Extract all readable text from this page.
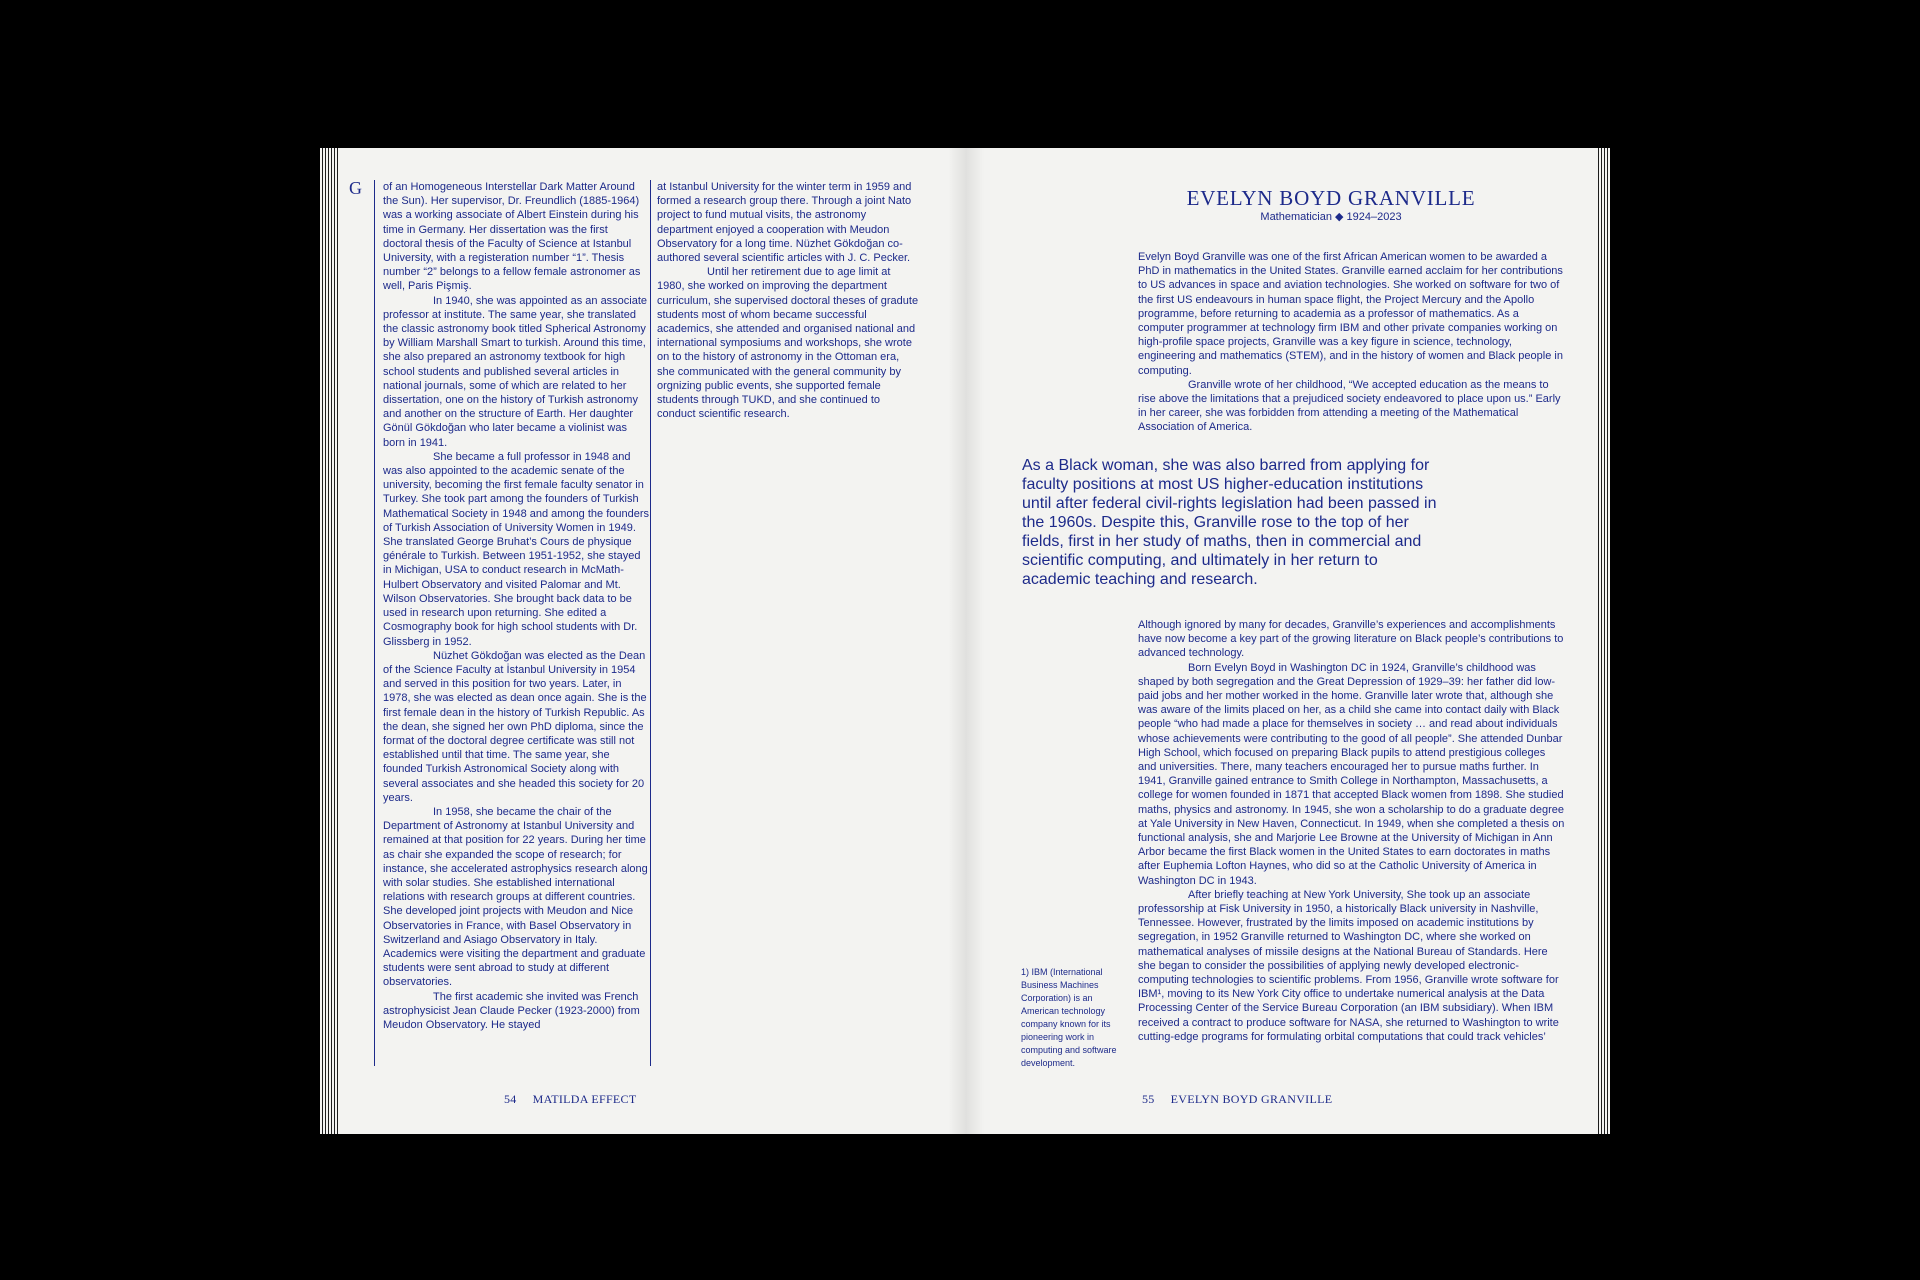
G of an Homogeneous Interstellar Dark Matter Around the Sun). Her supervisor, Dr. Freundlich (1885-1964) was a working associate of Albert Einstein during his time in Germany. Her dissertation was the first doctoral thesis of the Faculty of Science at Istanbul University, with a registeration number “1”. Thesis number “2” belongs to a fellow female astronomer as well, Paris Pişmiş.

In 1940, she was appointed as an associate professor at institute. The same year, she translated the classic astronomy book titled Spherical Astronomy by William Marshall Smart to turkish. Around this time, she also prepared an astronomy textbook for high school students and published several articles in national journals, some of which are related to her dissertation, one on the history of Turkish astronomy and another on the structure of Earth. Her daughter Gönül Gökdoğan who later became a violinist was born in 1941.

She became a full professor in 1948 and was also appointed to the academic senate of the university, becoming the first female faculty senator in Turkey. She took part among the founders of Turkish Mathematical Society in 1948 and among the founders of Turkish Association of University Women in 1949. She translated George Bruhat’s Cours de physique générale to Turkish. Between 1951-1952, she stayed in Michigan, USA to conduct research in McMath-Hulbert Observatory and visited Palomar and Mt. Wilson Observatories. She brought back data to be used in research upon returning. She edited a Cosmography book for high school students with Dr. Glissberg in 1952.

Nüzhet Gökdoğan was elected as the Dean of the Science Faculty at İstanbul University in 1954 and served in this position for two years. Later, in 1978, she was elected as dean once again. She is the first female dean in the history of Turkish Republic. As the dean, she signed her own PhD diploma, since the format of the doctoral degree certificate was still not established until that time. The same year, she founded Turkish Astronomical Society along with several associates and she headed this society for 20 years.

In 1958, she became the chair of the Department of Astronomy at Istanbul University and remained at that position for 22 years. During her time as chair she expanded the scope of research; for instance, she accelerated astrophysics research along with solar studies. She established international relations with research groups at different countries. She developed joint projects with Meudon and Nice Observatories in France, with Basel Observatory in Switzerland and Asiago Observatory in Italy. Academics were visiting the department and graduate students were sent abroad to study at different observatories.

The first academic she invited was French astrophysicist Jean Claude Pecker (1923-2000) from Meudon Observatory. He stayed

at Istanbul University for the winter term in 1959 and formed a research group there. Through a joint Nato project to fund mutual visits, the astronomy department enjoyed a cooperation with Meudon Observatory for a long time. Nüzhet Gökdoğan co-authored several scientific articles with J. C. Pecker.

Until her retirement due to age limit at 1980, she worked on improving the department curriculum, she supervised doctoral theses of gradute students most of whom became successful academics, she attended and organised national and international symposiums and workshops, she wrote on to the history of astronomy in the Ottoman era, she communicated with the general community by orgnizing public events, she supported female students through TUKD, and she continued to conduct scientific research.

54 MATILDA EFFECT
EVELYN BOYD GRANVILLE
Mathematician ◆ 1924–2023

Evelyn Boyd Granville was one of the first African American women to be awarded a PhD in mathematics in the United States. Granville earned acclaim for her contributions to US advances in space and aviation technologies. She worked on software for two of the first US endeavours in human space flight, the Project Mercury and the Apollo programme, before returning to academia as a professor of mathematics. As a computer programmer at technology firm IBM and other private companies working on high-profile space projects, Granville was a key figure in science, technology, engineering and mathematics (STEM), and in the history of women and Black people in computing.

Granville wrote of her childhood, “We accepted education as the means to rise above the limitations that a prejudiced society endeavored to place upon us.” Early in her career, she was forbidden from attending a meeting of the Mathematical Association of America.

As a Black woman, she was also barred from applying for faculty positions at most US higher-education institutions until after federal civil-rights legislation had been passed in the 1960s. Despite this, Granville rose to the top of her fields, first in her study of maths, then in commercial and scientific computing, and ultimately in her return to academic teaching and research.

Although ignored by many for decades, Granville’s experiences and accomplishments have now become a key part of the growing literature on Black people’s contributions to advanced technology.

Born Evelyn Boyd in Washington DC in 1924, Granville’s childhood was shaped by both segregation and the Great Depression of 1929–39: her father did low-paid jobs and her mother worked in the home. Granville later wrote that, although she was aware of the limits placed on her, as a child she came into contact daily with Black people “who had made a place for themselves in society … and read about individuals whose achievements were contributing to the good of all people”. She attended Dunbar High School, which focused on preparing Black pupils to attend prestigious colleges and universities. There, many teachers encouraged her to pursue maths further. In 1941, Granville gained entrance to Smith College in Northampton, Massachusetts, a college for women founded in 1871 that accepted Black women from 1898. She studied maths, physics and astronomy. In 1945, she won a scholarship to do a graduate degree at Yale University in New Haven, Connecticut. In 1949, when she completed a thesis on functional analysis, she and Marjorie Lee Browne at the University of Michigan in Ann Arbor became the first Black women in the United States to earn doctorates in maths after Euphemia Lofton Haynes, who did so at the Catholic University of America in Washington DC in 1943.

After briefly teaching at New York University, She took up an associate professorship at Fisk University in 1950, a historically Black university in Nashville, Tennessee. However, frustrated by the limits imposed on academic institutions by segregation, in 1952 Granville returned to Washington DC, where she worked on mathematical analyses of missile designs at the National Bureau of Standards. Here she began to consider the possibilities of applying newly developed electronic-computing technologies to scientific problems. From 1956, Granville wrote software for IBM¹, moving to its New York City office to undertake numerical analysis at the Data Processing Center of the Service Bureau Corporation (an IBM subsidiary). When IBM received a contract to produce software for NASA, she returned to Washington to write cutting-edge programs for formulating orbital computations that could track vehicles’

1) IBM (International Business Machines Corporation) is an American technology company known for its pioneering work in computing and software development.
55 EVELYN BOYD GRANVILLE
